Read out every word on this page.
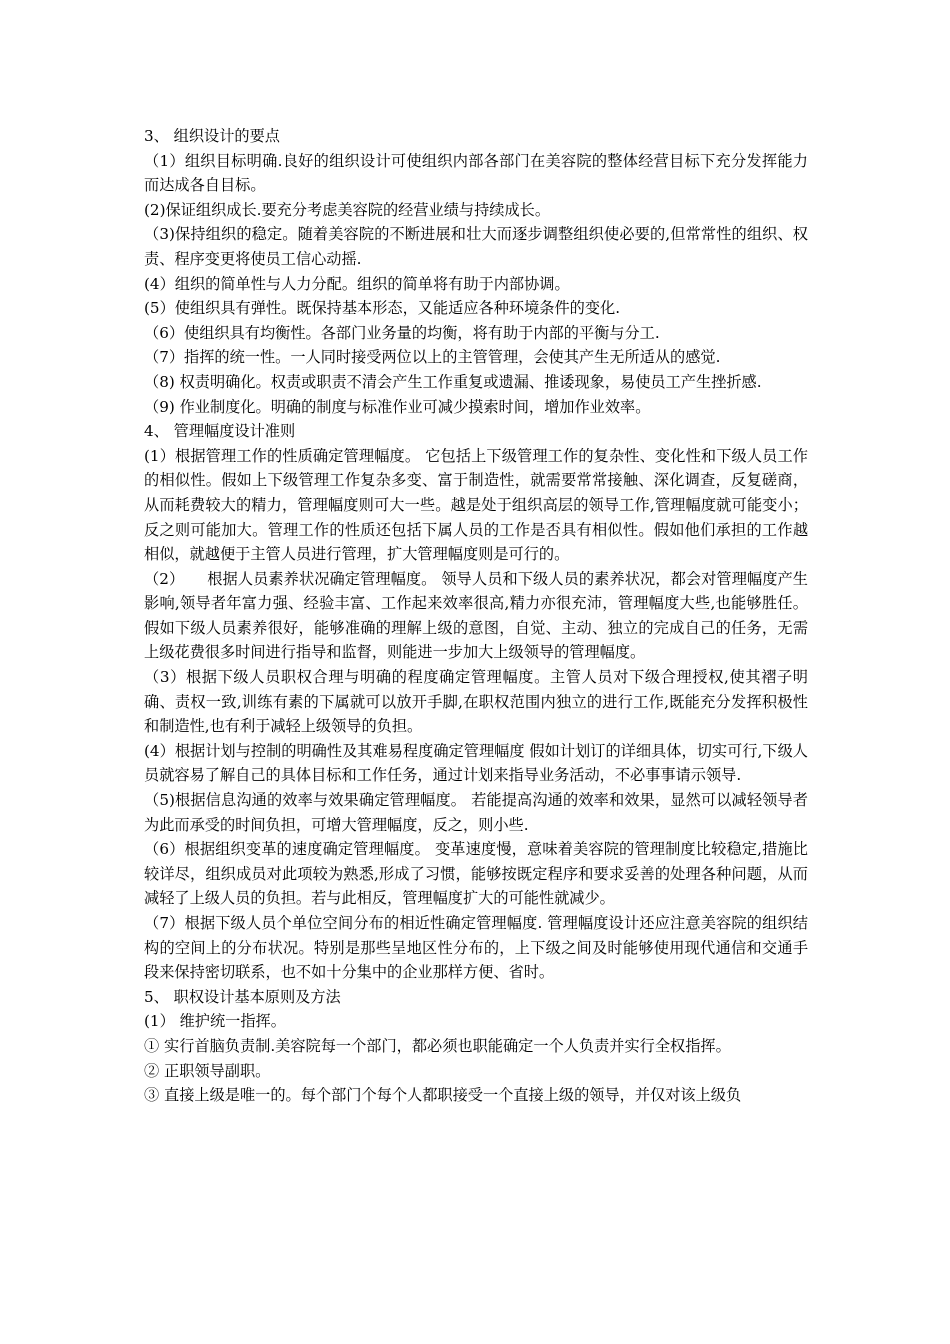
3、 组织设计的要点

（1）组织目标明确.良好的组织设计可使组织内部各部门在美容院的整体经营目标下充分发挥能力而达成各自目标。

(2)保证组织成长.要充分考虑美容院的经营业绩与持续成长。

（3)保持组织的稳定。随着美容院的不断进展和壮大而逐步调整组织使必要的,但常常性的组织、权责、程序变更将使员工信心动摇.

(4）组织的简单性与人力分配。组织的简单将有助于内部协调。

(5）使组织具有弹性。既保持基本形态，又能适应各种环境条件的变化.

（6）使组织具有均衡性。各部门业务量的均衡，将有助于内部的平衡与分工.

（7）指挥的统一性。一人同时接受两位以上的主管管理，会使其产生无所适从的感觉.

（8) 权责明确化。权责或职责不清会产生工作重复或遗漏、推诿现象，易使员工产生挫折感.

（9) 作业制度化。明确的制度与标准作业可减少摸索时间，增加作业效率。

4、 管理幅度设计准则

(1）根据管理工作的性质确定管理幅度。 它包括上下级管理工作的复杂性、变化性和下级人员工作的相似性。假如上下级管理工作复杂多变、富于制造性，就需要常常接触、深化调查，反复磋商，从而耗费较大的精力，管理幅度则可大一些。越是处于组织高层的领导工作,管理幅度就可能变小；反之则可能加大。管理工作的性质还包括下属人员的工作是否具有相似性。假如他们承担的工作越相似，就越便于主管人员进行管理，扩大管理幅度则是可行的。

（2）　　根据人员素养状况确定管理幅度。 领导人员和下级人员的素养状况，都会对管理幅度产生影响,领导者年富力强、经验丰富、工作起来效率很高,精力亦很充沛，管理幅度大些,也能够胜任。假如下级人员素养很好，能够准确的理解上级的意图，自觉、主动、独立的完成自己的任务，无需上级花费很多时间进行指导和监督，则能进一步加大上级领导的管理幅度。

（3）根据下级人员职权合理与明确的程度确定管理幅度。主管人员对下级合理授权,使其褶子明确、责权一致,训练有素的下属就可以放开手脚,在职权范围内独立的进行工作,既能充分发挥积极性和制造性,也有利于减轻上级领导的负担。

(4）根据计划与控制的明确性及其难易程度确定管理幅度 假如计划订的详细具体，切实可行,下级人员就容易了解自己的具体目标和工作任务，通过计划来指导业务活动，不必事事请示领导.

（5)根据信息沟通的效率与效果确定管理幅度。 若能提高沟通的效率和效果，显然可以减轻领导者为此而承受的时间负担，可增大管理幅度，反之，则小些.

（6）根据组织变革的速度确定管理幅度。 变革速度慢，意味着美容院的管理制度比较稳定,措施比较详尽，组织成员对此项较为熟悉,形成了习惯，能够按既定程序和要求妥善的处理各种问题，从而减轻了上级人员的负担。若与此相反，管理幅度扩大的可能性就减少。

（7）根据下级人员个单位空间分布的相近性确定管理幅度. 管理幅度设计还应注意美容院的组织结构的空间上的分布状况。特别是那些呈地区性分布的，上下级之间及时能够使用现代通信和交通手段来保持密切联系，也不如十分集中的企业那样方便、省时。

5、 职权设计基本原则及方法

(1） 维护统一指挥。

① 实行首脑负责制.美容院每一个部门，都必须也职能确定一个人负责并实行全权指挥。

② 正职领导副职。

③ 直接上级是唯一的。每个部门个每个人都职接受一个直接上级的领导，并仅对该上级负
